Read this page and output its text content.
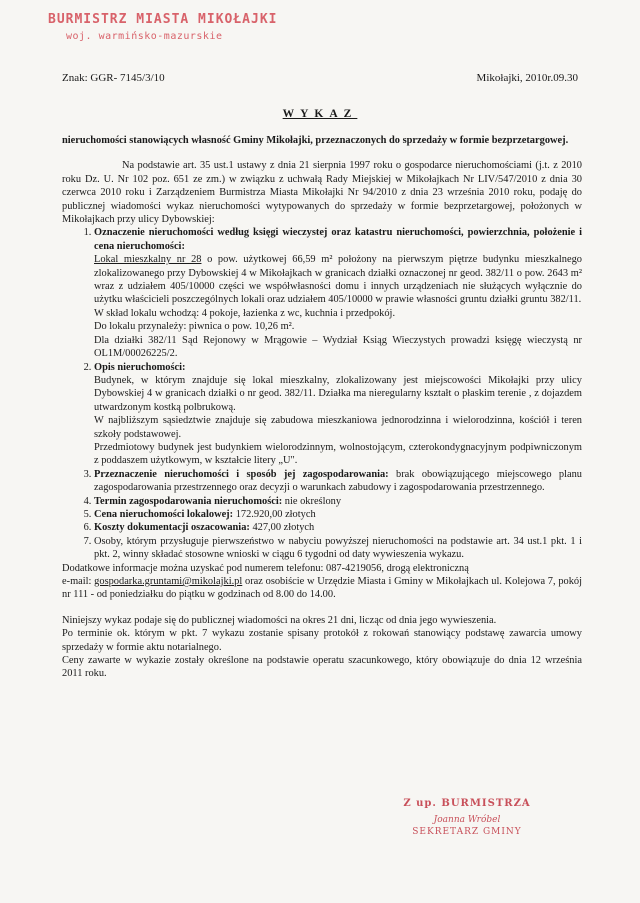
BURMISTRZ MIASTA MIKOŁAJKI
woj. warmińsko-mazurskie
Znak: GGR- 7145/3/10	Mikołajki, 2010r.09.30
WYKAZ

nieruchomości stanowiących własność Gminy Mikołajki, przeznaczonych do sprzedaży w formie bezprzetargowej.

Na podstawie art. 35 ust.1 ustawy z dnia 21 sierpnia 1997 roku o gospodarce nieruchomościami (j.t. z 2010 roku Dz. U. Nr 102 poz. 651 ze zm.) w związku z uchwałą Rady Miejskiej w Mikołajkach Nr LIV/547/2010 z dnia 30 czerwca 2010 roku i Zarządzeniem Burmistrza Miasta Mikołajki Nr 94/2010 z dnia 23 września 2010 roku, podaję do publicznej wiadomości wykaz nieruchomości wytypowanych do sprzedaży w formie bezprzetargowej, położonych w Mikołajkach przy ulicy Dybowskiej:

1. Oznaczenie nieruchomości według księgi wieczystej oraz katastru nieruchomości, powierzchnia, położenie i cena nieruchomości:
Lokal mieszkalny nr 28 o pow. użytkowej 66,59 m² położony na pierwszym piętrze budynku mieszkalnego zlokalizowanego przy Dybowskiej 4 w Mikołajkach w granicach działki oznaczonej nr geod. 382/11 o pow. 2643 m² wraz z udziałem 405/10000 części we współwłasności domu i innych urządzeniach nie służących wyłącznie do użytku właścicieli poszczególnych lokali oraz udziałem 405/10000 w prawie własności gruntu działki gruntu 382/11.
W skład lokalu wchodzą: 4 pokoje, łazienka z wc, kuchnia i przedpokój.
Do lokalu przynależy: piwnica o pow. 10,26 m².
Dla działki 382/11 Sąd Rejonowy w Mrągowie – Wydział Ksiąg Wieczystych prowadzi księgę wieczystą nr OL1M/00026225/2.
2. Opis nieruchomości:
Budynek, w którym znajduje się lokal mieszkalny, zlokalizowany jest miejscowości Mikołajki przy ulicy Dybowskiej 4 w granicach działki o nr geod. 382/11. Działka ma nieregularny kształt o płaskim terenie , z dojazdem utwardzonym kostką polbrukową.
W najbliższym sąsiedztwie znajduje się zabudowa mieszkaniowa jednorodzinna i wielorodzinna, kościół i teren szkoły podstawowej.
Przedmiotowy budynek jest budynkiem wielorodzinnym, wolnostojącym, czterokondygnacyjnym podpiwniczonym z poddaszem użytkowym, w kształcie litery „U".
3. Przeznaczenie nieruchomości i sposób jej zagospodarowania: brak obowiązującego miejscowego planu zagospodarowania przestrzennego oraz decyzji o warunkach zabudowy i zagospodarowania przestrzennego.
4. Termin zagospodarowania nieruchomości: nie określony
5. Cena nieruchomości lokalowej: 172.920,00 złotych
6. Koszty dokumentacji oszacowania: 427,00 złotych
7. Osoby, którym przysługuje pierwszeństwo w nabyciu powyższej nieruchomości na podstawie art. 34 ust.1 pkt. 1 i pkt. 2, winny składać stosowne wnioski w ciągu 6 tygodni od daty wywieszenia wykazu.

Dodatkowe informacje można uzyskać pod numerem telefonu: 087-4219056, drogą elektroniczną
e-mail: gospodarka.gruntami@mikolajki.pl oraz osobiście w Urzędzie Miasta i Gminy w Mikołajkach ul. Kolejowa 7, pokój nr 111 - od poniedziałku do piątku w godzinach od 8.00 do 14.00.

Niniejszy wykaz podaje się do publicznej wiadomości na okres 21 dni, licząc od dnia jego wywieszenia.

Po terminie ok. którym w pkt. 7 wykazu zostanie spisany protokół z rokowań stanowiący podstawę zawarcia umowy sprzedaży w formie aktu notarialnego.

Ceny zawarte w wykazie zostały określone na podstawie operatu szacunkowego, który obowiązuje do dnia 12 września 2011 roku.

Z up. BURMISTRZA
Joanna Wróbel
SEKRETARZ GMINY
